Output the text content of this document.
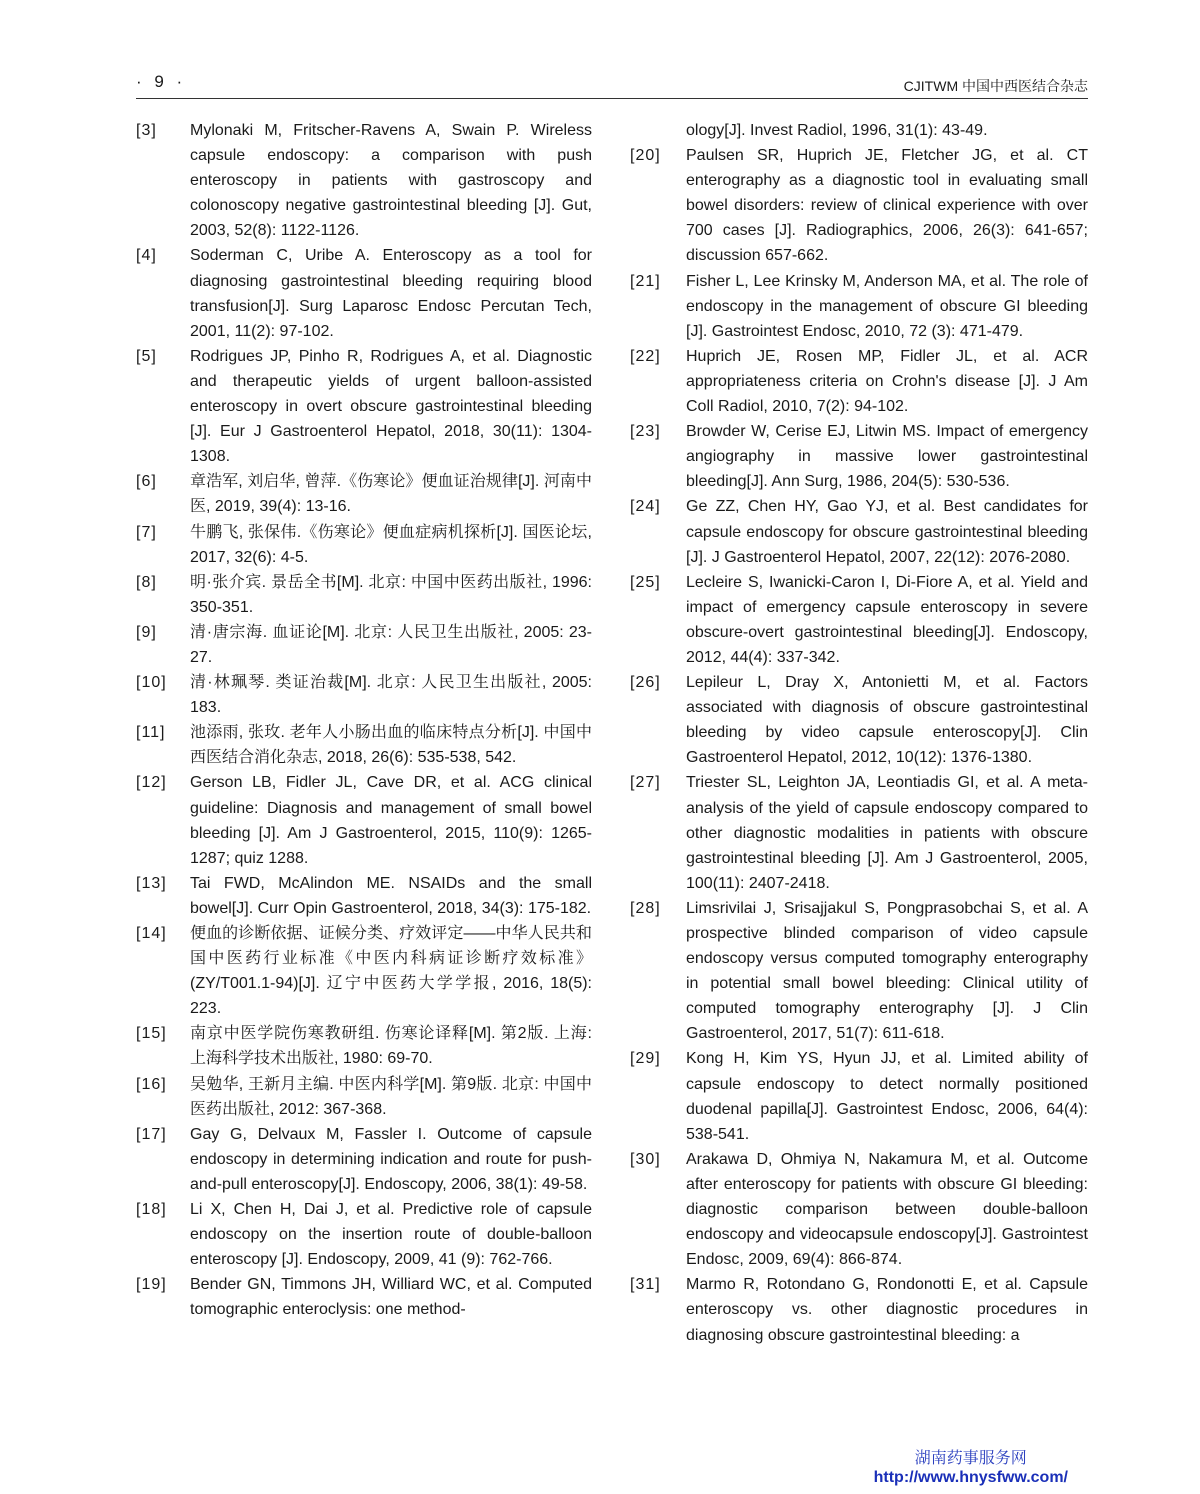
· 9 ·	CJITWM 中国中西医结合杂志
[3]	Mylonaki M, Fritscher-Ravens A, Swain P. Wireless capsule endoscopy: a comparison with push enteroscopy in patients with gastroscopy and colonoscopy negative gastrointestinal bleeding [J]. Gut, 2003, 52(8): 1122-1126.
[4]	Soderman C, Uribe A. Enteroscopy as a tool for diagnosing gastrointestinal bleeding requiring blood transfusion[J]. Surg Laparosc Endosc Percutan Tech, 2001, 11(2): 97-102.
[5]	Rodrigues JP, Pinho R, Rodrigues A, et al. Diagnostic and therapeutic yields of urgent balloon-assisted enteroscopy in overt obscure gastrointestinal bleeding [J]. Eur J Gastroenterol Hepatol, 2018, 30(11): 1304-1308.
[6]	章浩军, 刘启华, 曾萍.《伤寒论》便血证治规律[J]. 河南中医, 2019, 39(4): 13-16.
[7]	牛鹏飞, 张保伟.《伤寒论》便血症病机探析[J]. 国医论坛, 2017, 32(6): 4-5.
[8]	明·张介宾. 景岳全书[M]. 北京: 中国中医药出版社, 1996: 350-351.
[9]	清·唐宗海. 血证论[M]. 北京: 人民卫生出版社, 2005: 23-27.
[10]	清·林珮琴. 类证治裁[M]. 北京: 人民卫生出版社, 2005: 183.
[11]	池添雨, 张玫. 老年人小肠出血的临床特点分析[J]. 中国中西医结合消化杂志, 2018, 26(6): 535-538, 542.
[12]	Gerson LB, Fidler JL, Cave DR, et al. ACG clinical guideline: Diagnosis and management of small bowel bleeding [J]. Am J Gastroenterol, 2015, 110(9): 1265-1287; quiz 1288.
[13]	Tai FWD, McAlindon ME. NSAIDs and the small bowel[J]. Curr Opin Gastroenterol, 2018, 34(3): 175-182.
[14]	便血的诊断依据、证候分类、疗效评定——中华人民共和国中医药行业标准《中医内科病证诊断疗效标准》(ZY/T001.1-94)[J]. 辽宁中医药大学学报, 2016, 18(5): 223.
[15]	南京中医学院伤寒教研组. 伤寒论译释[M]. 第2版. 上海: 上海科学技术出版社, 1980: 69-70.
[16]	吴勉华, 王新月主编. 中医内科学[M]. 第9版. 北京: 中国中医药出版社, 2012: 367-368.
[17]	Gay G, Delvaux M, Fassler I. Outcome of capsule endoscopy in determining indication and route for push-and-pull enteroscopy[J]. Endoscopy, 2006, 38(1): 49-58.
[18]	Li X, Chen H, Dai J, et al. Predictive role of capsule endoscopy on the insertion route of double-balloon enteroscopy [J]. Endoscopy, 2009, 41 (9): 762-766.
[19]	Bender GN, Timmons JH, Williard WC, et al. Computed tomographic enteroclysis: one method-
ology[J]. Invest Radiol, 1996, 31(1): 43-49.
[20]	Paulsen SR, Huprich JE, Fletcher JG, et al. CT enterography as a diagnostic tool in evaluating small bowel disorders: review of clinical experience with over 700 cases [J]. Radiographics, 2006, 26(3): 641-657; discussion 657-662.
[21]	Fisher L, Lee Krinsky M, Anderson MA, et al. The role of endoscopy in the management of obscure GI bleeding [J]. Gastrointest Endosc, 2010, 72 (3): 471-479.
[22]	Huprich JE, Rosen MP, Fidler JL, et al. ACR appropriateness criteria on Crohn's disease [J]. J Am Coll Radiol, 2010, 7(2): 94-102.
[23]	Browder W, Cerise EJ, Litwin MS. Impact of emergency angiography in massive lower gastrointestinal bleeding[J]. Ann Surg, 1986, 204(5): 530-536.
[24]	Ge ZZ, Chen HY, Gao YJ, et al. Best candidates for capsule endoscopy for obscure gastrointestinal bleeding [J]. J Gastroenterol Hepatol, 2007, 22(12): 2076-2080.
[25]	Lecleire S, Iwanicki-Caron I, Di-Fiore A, et al. Yield and impact of emergency capsule enteroscopy in severe obscure-overt gastrointestinal bleeding[J]. Endoscopy, 2012, 44(4): 337-342.
[26]	Lepileur L, Dray X, Antonietti M, et al. Factors associated with diagnosis of obscure gastrointestinal bleeding by video capsule enteroscopy[J]. Clin Gastroenterol Hepatol, 2012, 10(12): 1376-1380.
[27]	Triester SL, Leighton JA, Leontiadis GI, et al. A meta-analysis of the yield of capsule endoscopy compared to other diagnostic modalities in patients with obscure gastrointestinal bleeding [J]. Am J Gastroenterol, 2005, 100(11): 2407-2418.
[28]	Limsrivilai J, Srisajjakul S, Pongprasobchai S, et al. A prospective blinded comparison of video capsule endoscopy versus computed tomography enterography in potential small bowel bleeding: Clinical utility of computed tomography enterography [J]. J Clin Gastroenterol, 2017, 51(7): 611-618.
[29]	Kong H, Kim YS, Hyun JJ, et al. Limited ability of capsule endoscopy to detect normally positioned duodenal papilla[J]. Gastrointest Endosc, 2006, 64(4): 538-541.
[30]	Arakawa D, Ohmiya N, Nakamura M, et al. Outcome after enteroscopy for patients with obscure GI bleeding: diagnostic comparison between double-balloon endoscopy and videocapsule endoscopy[J]. Gastrointest Endosc, 2009, 69(4): 866-874.
[31]	Marmo R, Rotondano G, Rondonotti E, et al. Capsule enteroscopy vs. other diagnostic procedures in diagnosing obscure gastrointestinal bleeding: a
湖南药事服务网
http://www.hnysfww.com/
